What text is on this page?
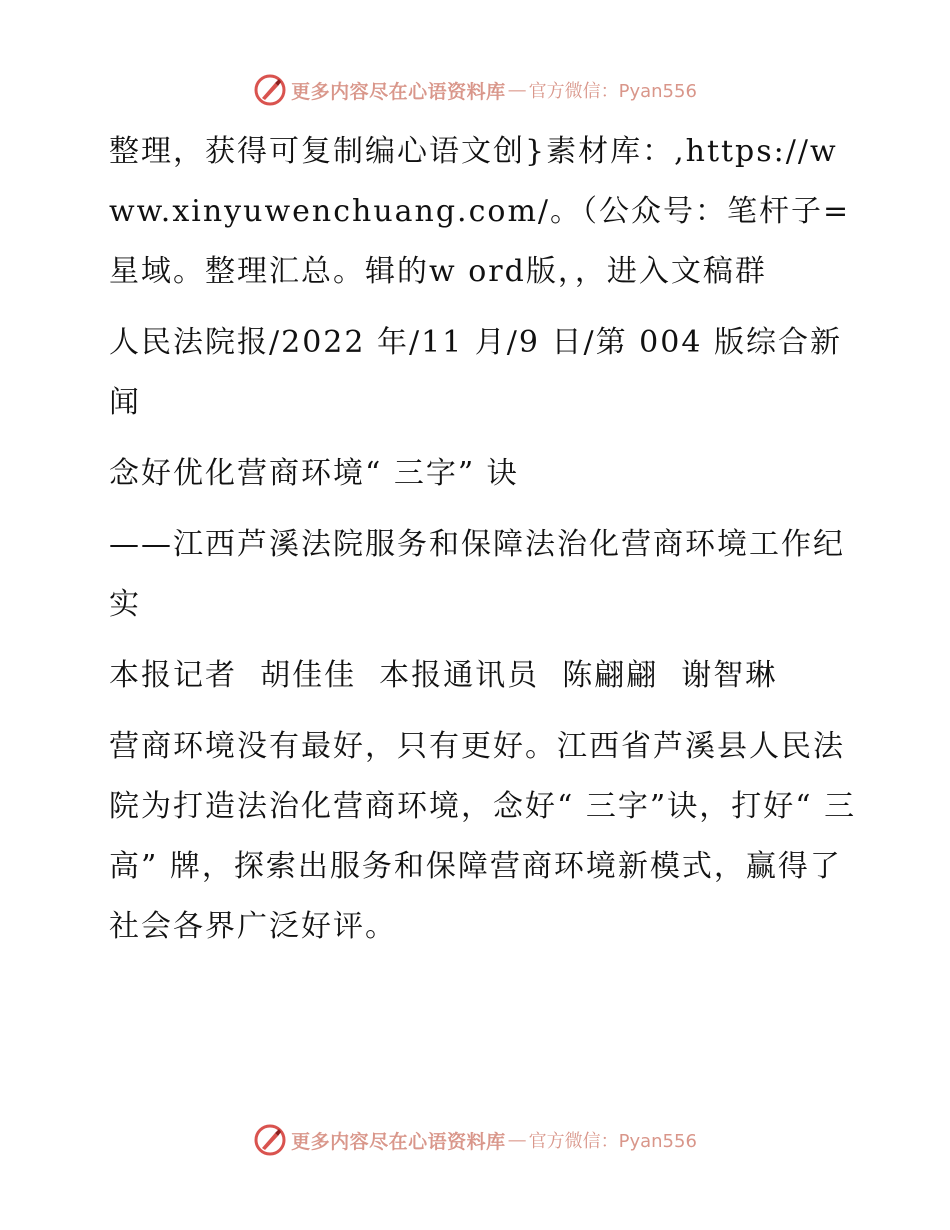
更多内容尽在心语资料库 — 官方微信：Pyan556

整理，获得可复制编心语文创}素材库：,https://www.xinyuwenchuang.com/。（公众号：笔杆子=星域。整理汇总。辑的w ord版，，进入文稿群

人民法院报/2022 年/11 月/9 日/第 004 版综合新闻

念好优化营商环境“ 三字” 诀

——江西芦溪法院服务和保障法治化营商环境工作纪实

本报记者  胡佳佳  本报通讯员  陈翩翩  谢智琳

营商环境没有最好，只有更好。江西省芦溪县人民法院为打造法治化营商环境，念好“ 三字”诀，打好“ 三高” 牌，探索出服务和保障营商环境新模式，赢得了社会各界广泛好评。

更多内容尽在心语资料库 — 官方微信：Pyan556
